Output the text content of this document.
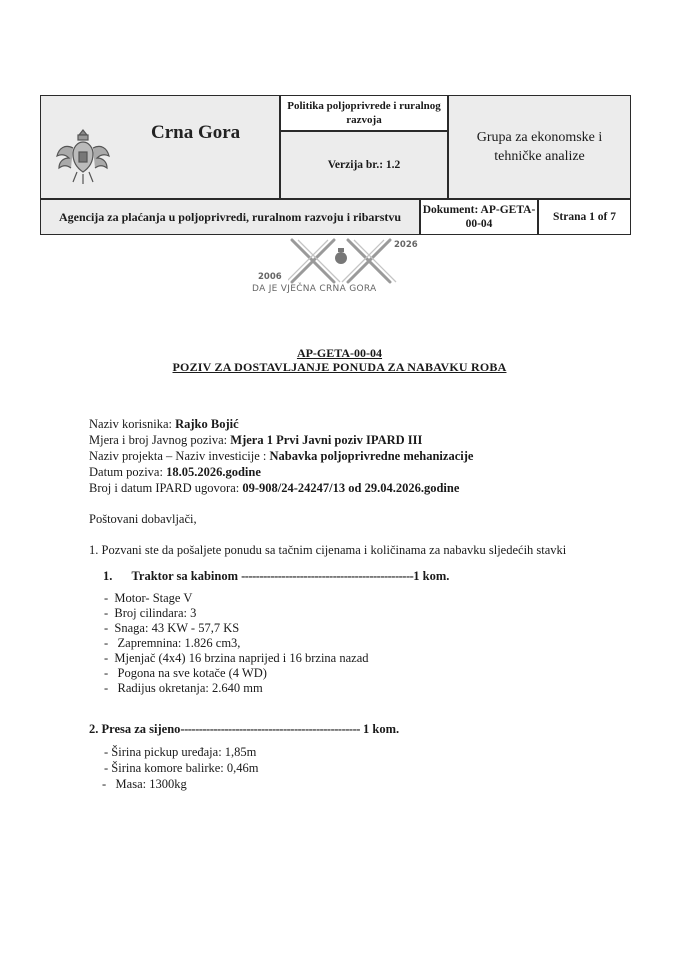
Crna Gora
Politika poljoprivrede i ruralnog razvoja
Verzija br.: 1.2
Grupa za ekonomske i tehničke analize
Agencija za plaćanja u poljoprivredi, ruralnom razvoju i ribarstvu Dokument: AP-GETA-00-04
Strana 1 of 7
2006
2026
DA JE VJEČNA CRNA GORA
AP-GETA-00-04
POZIV ZA DOSTAVLJANJE PONUDA ZA NABAVKU ROBA
Naziv korisnika: Rajko Bojić
Mjera i broj Javnog poziva: Mjera 1 Prvi Javni poziv IPARD III
Naziv projekta – Naziv investicije : Nabavka poljoprivredne mehanizacije
Datum poziva: 18.05.2026.godine
Broj i datum IPARD ugovora: 09-908/24-24247/13 od 29.04.2026.godine
Poštovani dobavljači,
1. Pozvani ste da pošaljete ponudu sa tačnim cijenama i količinama za nabavku sljedećih stavki
1. Traktor sa kabinom -----------------------------------------------1 kom.
-  Motor- Stage V
-  Broj cilindara: 3
-  Snaga: 43 KW - 57,7 KS
-   Zapremnina: 1.826 cm3,
-  Mjenjač (4x4) 16 brzina naprijed i 16 brzina nazad
-   Pogona na sve kotače (4 WD)
-   Radijus okretanja: 2.640 mm
2. Presa za sijeno------------------------------------------------- 1 kom.
- Širina pickup uređaja: 1,85m
- Širina komore balirke: 0,46m
-   Masa: 1300kg
